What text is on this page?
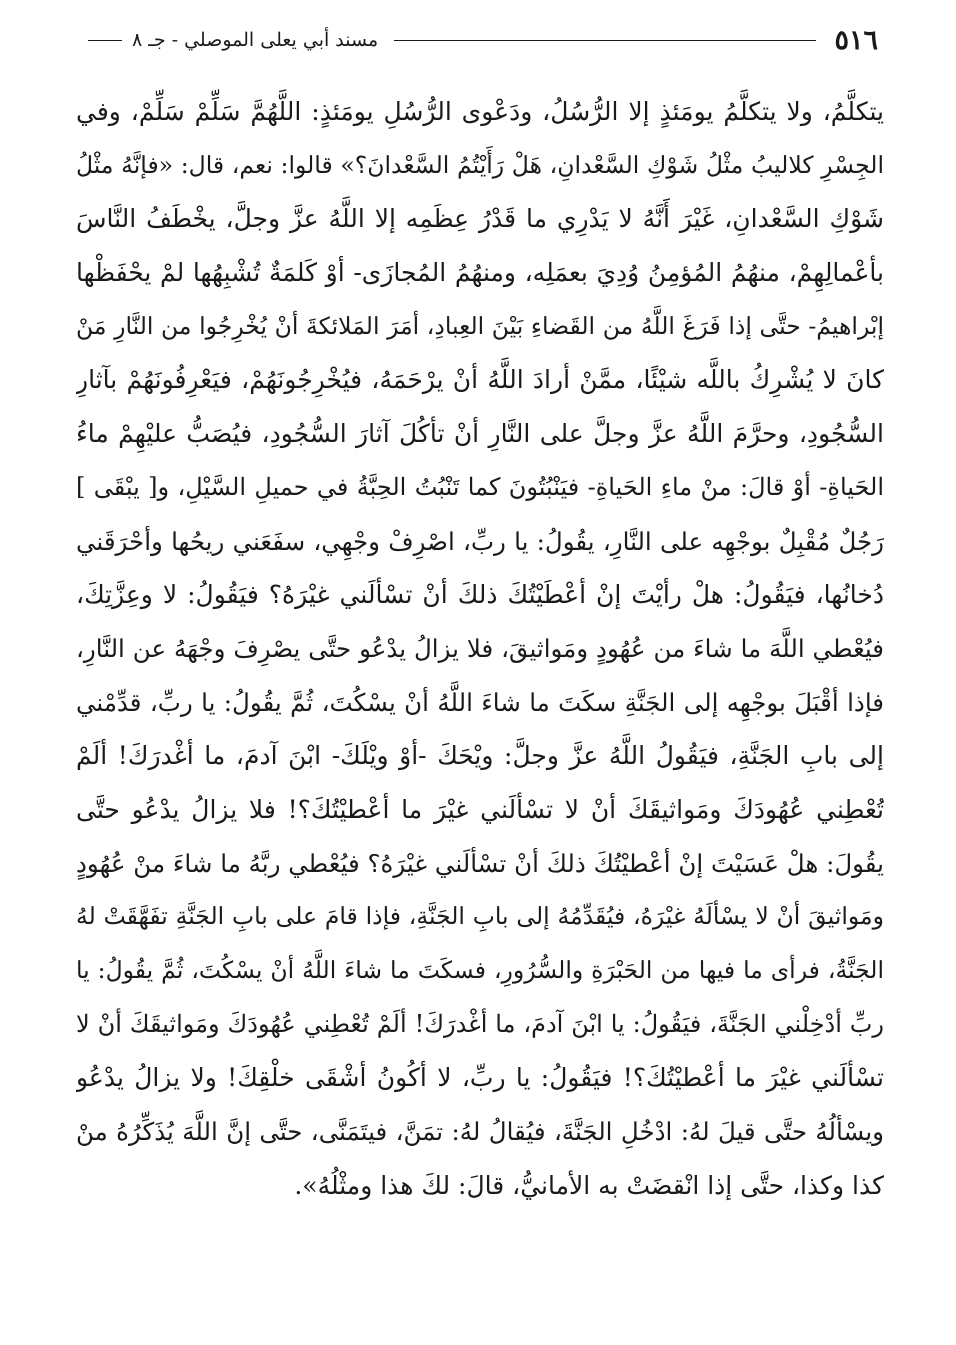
٥١٦
مسند أبي يعلى الموصلي - جـ ٨
يتكلَّمُ، ولا يتكلَّمُ يومَئذٍ إلا الرُّسُلُ، ودَعْوى الرُّسُلِ يومَئذٍ: اللَّهُمَّ سَلِّمْ سَلِّمْ، وفي
الجِسْرِ كلاليبُ مثْلُ شَوْكِ السَّعْدانِ، هَلْ رَأَيْتُمُ السَّعْدانَ؟» قالوا: نعم، قال: «فإنَّهُ مثْلُ
شَوْكِ السَّعْدانِ، غَيْرَ أَنَّهُ لا يَدْرِي ما قَدْرُ عِظَمِه إلا اللَّهُ عزَّ وجلَّ، يخْطَفُ النَّاسَ
بأعْمالِهِمْ، منهُمُ المُؤمِنُ وُدِيَ بعمَلِه، ومنهُمُ المُجازَى- أوْ كَلمَةٌ تُشْبِهُها لمْ يحْفَظْها
إبْراهيمُ- حتَّى إذا فَرَغَ اللَّهُ من القَضاءِ بَيْنَ العِبادِ، أمَرَ المَلائكةَ أنْ يُخْرِجُوا من النَّارِ مَنْ
كانَ لا يُشْرِكُ باللَّه شيْئًا، ممَّنْ أرادَ اللَّهُ أنْ يرْحَمَهُ، فيُخْرِجُونَهُمْ، فيَعْرِفُونَهُمْ بآثارِ
السُّجُودِ، وحرَّمَ اللَّهُ عزَّ وجلَّ على النَّارِ أنْ تأكُلَ آثارَ السُّجُودِ، فيُصَبُّ عليْهِمْ ماءُ
الحَياةِ- أوْ قالَ: منْ ماءِ الحَياةِ- فيَنْبُتُونَ كما تَنْبُتُ الحِبَّةُ في حميلِ السَّيْلِ، و[ يبْقَى ]
رَجُلٌ مُقْبِلٌ بوجْهِه على النَّارِ، يقُولُ: يا ربِّ، اصْرِفْ وجْهِي، سفَعَني ريحُها وأحْرَقَني
دُخانُها، فيَقُولُ: هلْ رأيْتَ إنْ أعْطَيْتُكَ ذلكَ أنْ تسْألَني غيْرَهُ؟ فيَقُولُ: لا وعِزَّتِكَ،
فيُعْطي اللَّهَ ما شاءَ من عُهُودٍ ومَواثيقَ، فلا يزالُ يدْعُو حتَّى يصْرِفَ وجْهَهُ عن النَّارِ،
فإذا أقْبَلَ بوجْهِه إلى الجَنَّةِ سكَتَ ما شاءَ اللَّهُ أنْ يسْكُتَ، ثُمَّ يقُولُ: يا ربِّ، قدِّمْني
إلى بابِ الجَنَّةِ، فيَقُولُ اللَّهُ عزَّ وجلَّ: ويْحَكَ -أوْ ويْلَكَ- ابْنَ آدمَ، ما أغْدرَكَ! ألَمْ
تُعْطِني عُهُودَكَ ومَواثيقَكَ أنْ لا تسْألَني غيْرَ ما أعْطيْتُكَ؟! فلا يزالُ يدْعُو حتَّى
يقُولَ: هلْ عَسَيْتَ إنْ أعْطيْتُكَ ذلكَ أنْ تسْألَني غيْرَهُ؟ فيُعْطي ربَّهُ ما شاءَ منْ عُهُودٍ
ومَواثيقَ أنْ لا يسْألَهُ غيْرَهُ، فيُقَدِّمُهُ إلى بابِ الجَنَّةِ، فإذا قامَ على بابِ الجَنَّةِ تفَهَّقَتْ لهُ
الجَنَّةُ، فرأى ما فيها من الحَبْرَةِ والسُّرُورِ، فسكَتَ ما شاءَ اللَّهُ أنْ يسْكُتَ، ثُمَّ يقُولُ: يا
ربِّ أدْخِلْني الجَنَّةَ، فيَقُولُ: يا ابْنَ آدمَ، ما أغْدرَكَ! ألَمْ تُعْطِني عُهُودَكَ ومَواثيقَكَ أنْ لا
تسْألَني غيْرَ ما أعْطيْتُكَ؟! فيَقُولُ: يا ربِّ، لا أكُونُ أشْقَى خلْقِكَ! ولا يزالُ يدْعُو
ويسْألُهُ حتَّى قيلَ لهُ: ادْخُلِ الجَنَّةَ، فيُقالُ لهُ: تمَنَّ، فيتَمَنَّى، حتَّى إنَّ اللَّهَ يُذَكِّرُهُ منْ
كذا وكذا، حتَّى إذا انْقضَتْ به الأمانيُّ، قالَ: لكَ هذا ومثْلُهُ».
